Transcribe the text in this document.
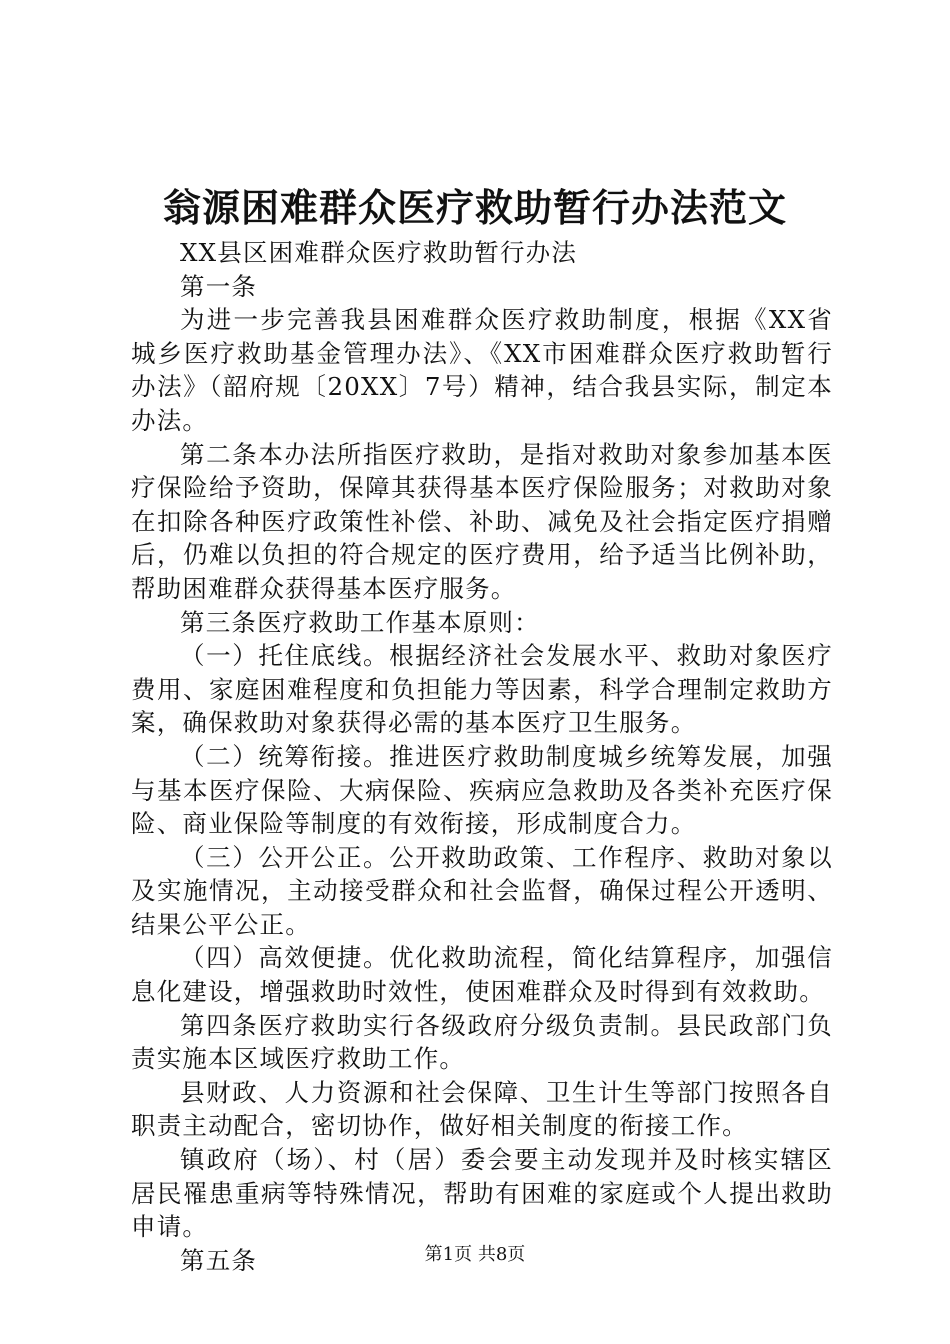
翁源困难群众医疗救助暂行办法范文

XX县区困难群众医疗救助暂行办法

第一条

为进一步完善我县困难群众医疗救助制度，根据《XX省城乡医疗救助基金管理办法》、《XX市困难群众医疗救助暂行办法》（韶府规〔20XX〕7号）精神，结合我县实际，制定本办法。

第二条本办法所指医疗救助，是指对救助对象参加基本医疗保险给予资助，保障其获得基本医疗保险服务；对救助对象在扣除各种医疗政策性补偿、补助、减免及社会指定医疗捐赠后，仍难以负担的符合规定的医疗费用，给予适当比例补助，帮助困难群众获得基本医疗服务。

第三条医疗救助工作基本原则：

（一）托住底线。根据经济社会发展水平、救助对象医疗费用、家庭困难程度和负担能力等因素，科学合理制定救助方案，确保救助对象获得必需的基本医疗卫生服务。

（二）统筹衔接。推进医疗救助制度城乡统筹发展，加强与基本医疗保险、大病保险、疾病应急救助及各类补充医疗保险、商业保险等制度的有效衔接，形成制度合力。

（三）公开公正。公开救助政策、工作程序、救助对象以及实施情况，主动接受群众和社会监督，确保过程公开透明、结果公平公正。

（四）高效便捷。优化救助流程，简化结算程序，加强信息化建设，增强救助时效性，使困难群众及时得到有效救助。

第四条医疗救助实行各级政府分级负责制。县民政部门负责实施本区域医疗救助工作。

县财政、人力资源和社会保障、卫生计生等部门按照各自职责主动配合，密切协作，做好相关制度的衔接工作。

镇政府（场）、村（居）委会要主动发现并及时核实辖区居民罹患重病等特殊情况，帮助有困难的家庭或个人提出救助申请。

第五条	第1页 共8页
